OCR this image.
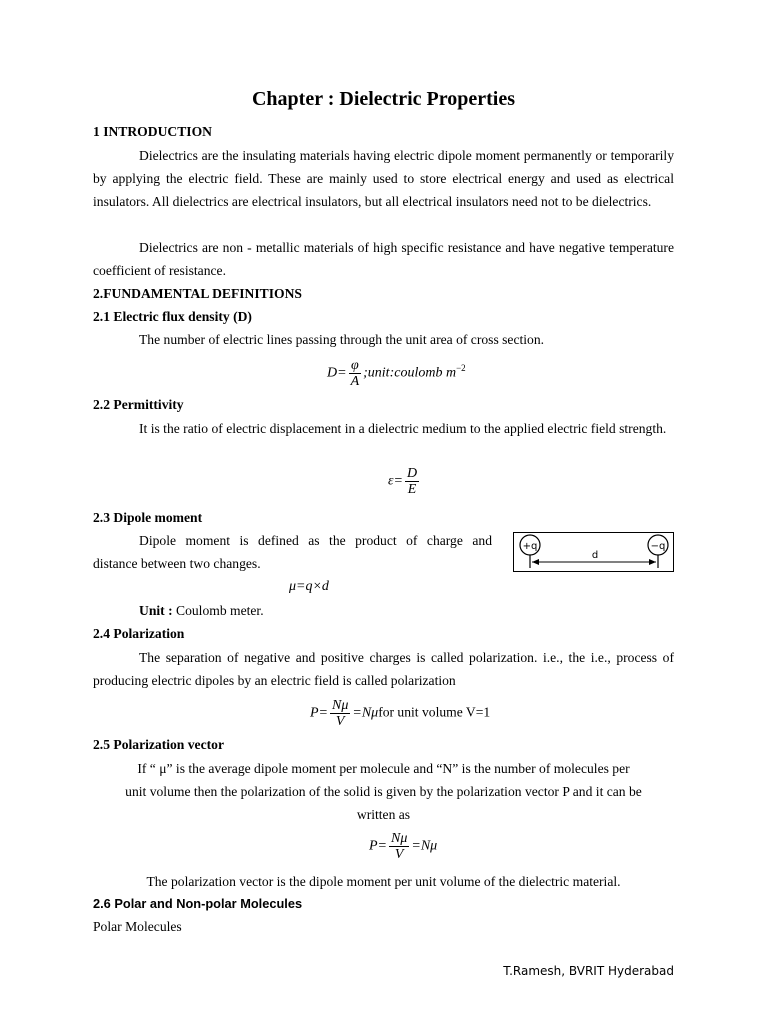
Chapter : Dielectric Properties
1 INTRODUCTION
Dielectrics are the insulating materials having electric dipole moment permanently or temporarily by applying the electric field. These are mainly used to store electrical energy and used as electrical insulators. All dielectrics are electrical insulators, but all electrical insulators need not to be dielectrics.
Dielectrics are non - metallic materials of high specific resistance and have negative temperature coefficient of resistance.
2.FUNDAMENTAL DEFINITIONS
2.1 Electric flux density (D)
The number of electric lines passing through the unit area of cross section.
$D= \frac{\varphi}{A}$ ;unit:coulomb $m^{-2}$
2.2 Permittivity
It is the ratio of electric displacement in a dielectric medium to the applied electric field strength.
$\varepsilon= \frac{D}{E}$
2.3 Dipole moment
Dipole moment is defined as the product of charge and
distance between two changes.
μ=q×d
Unit : Coulomb meter.
2.4 Polarization
The separation of negative and positive charges is called polarization. i.e., the i.e., process of producing electric dipoles by an electric field is called polarization
$P= \frac{N\mu}{V} =N\mu for$ unit volume V=1
2.5 Polarization vector
If “ μ” is the average dipole moment per molecule and “N” is the number of molecules per
unit volume then the polarization of the solid is given by the polarization vector P and it can be
written as
$P= \frac{N\mu}{V} =N\mu$
The polarization vector is the dipole moment per unit volume of the dielectric material.
2.6 Polar and Non-polar Molecules
Polar Molecules
+q	−q
d
T.Ramesh, BVRIT Hyderabad
